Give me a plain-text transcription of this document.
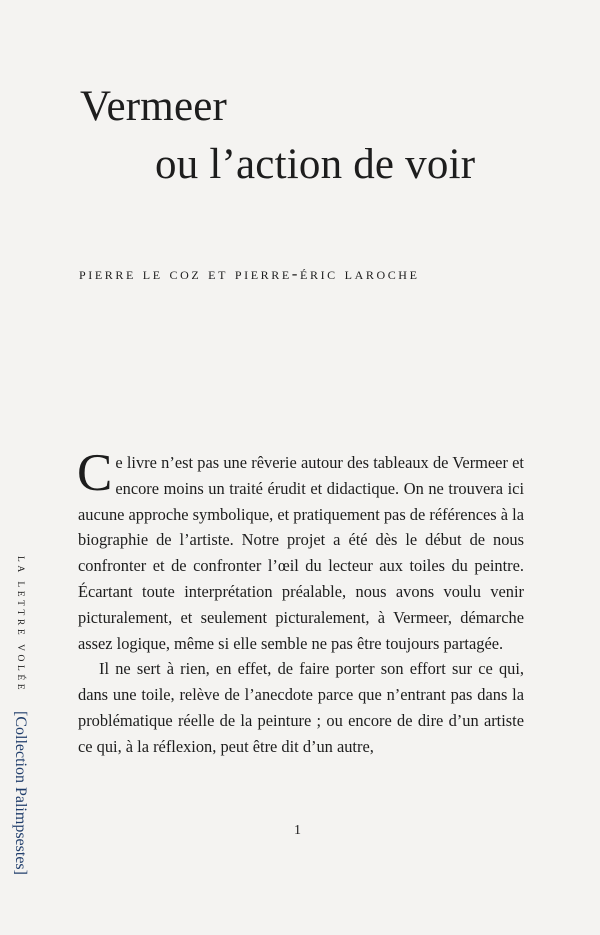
Vermeer
ou l’action de voir
pierre le coz et pierre-éric laroche

Ce livre n’est pas une rêverie autour des tableaux de Vermeer et encore moins un traité érudit et didactique. On ne trouvera ici aucune approche symbolique, et pratiquement pas de références à la biographie de l’artiste. Notre projet a été dès le début de nous confronter et de confronter l’œil du lecteur aux toiles du peintre. Écartant toute interprétation préalable, nous avons voulu venir picturalement, et seulement picturalement, à Vermeer, démarche assez logique, même si elle semble ne pas être toujours partagée.

Il ne sert à rien, en effet, de faire porter son effort sur ce qui, dans une toile, relève de l’anecdote parce que n’entrant pas dans la problématique réelle de la peinture ; ou encore de dire d’un artiste ce qui, à la réflexion, peut être dit d’un autre,

1
LA LETTRE VOLÉE
[Collection Palimpsestes]
